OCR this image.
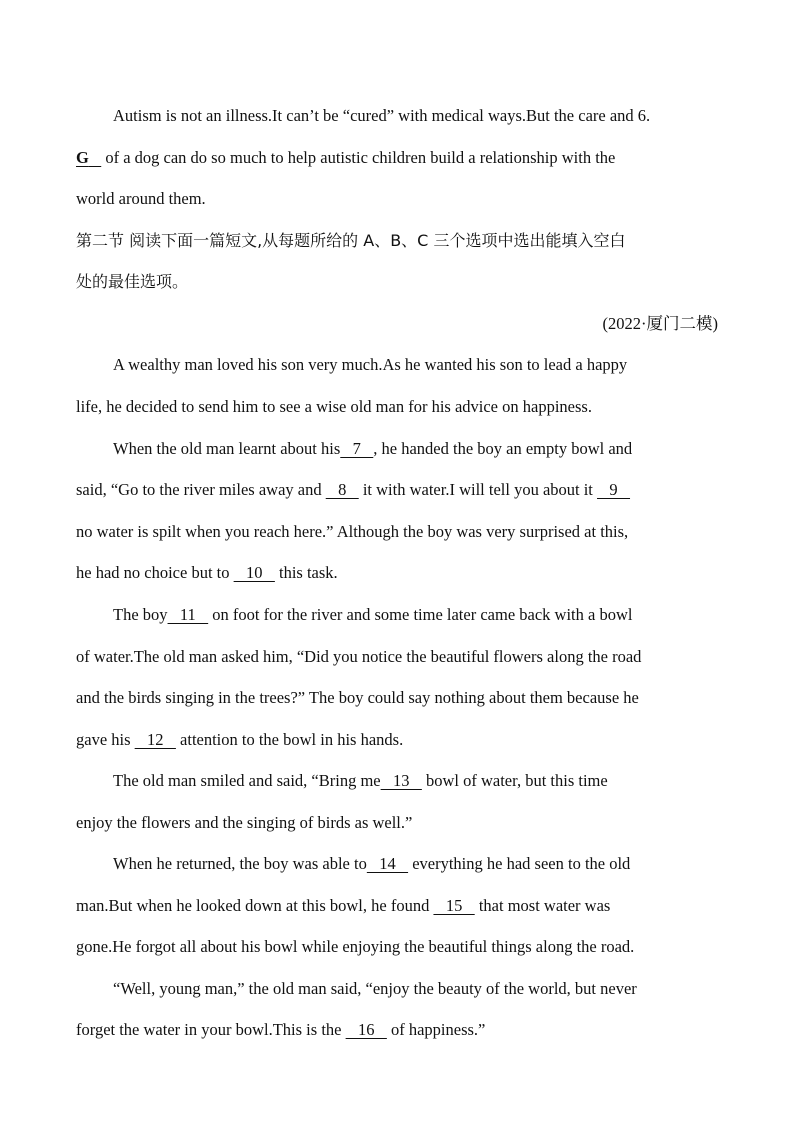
Autism is not an illness.It can’t be “cured” with medical ways.But the care and 6.
G    of a dog can do so much to help autistic children build a relationship with the
world around them.
第二节 阅读下面一篇短文,从每题所给的 A、B、C 三个选项中选出能填入空白
处的最佳选项。
(2022·厦门二模)
A wealthy man loved his son very much.As he wanted his son to lead a happy
life, he decided to send him to see a wise old man for his advice on happiness.
When the old man learnt about his   7   , he handed the boy an empty bowl and
said, “Go to the river miles away and    8    it with water.I will tell you about it    9
no water is spilt when you reach here.” Although the boy was very surprised at this,
he had no choice but to    10    this task.
The boy   11    on foot for the river and some time later came back with a bowl
of water.The old man asked him, “Did you notice the beautiful flowers along the road
and the birds singing in the trees?” The boy could say nothing about them because he
gave his    12    attention to the bowl in his hands.
The old man smiled and said, “Bring me   13    bowl of water, but this time
enjoy the flowers and the singing of birds as well.”
When he returned, the boy was able to   14    everything he had seen to the old
man.But when he looked down at this bowl, he found    15    that most water was
gone.He forgot all about his bowl while enjoying the beautiful things along the road.
“Well, young man,” the old man said, “enjoy the beauty of the world, but never
forget the water in your bowl.This is the    16    of happiness.”
